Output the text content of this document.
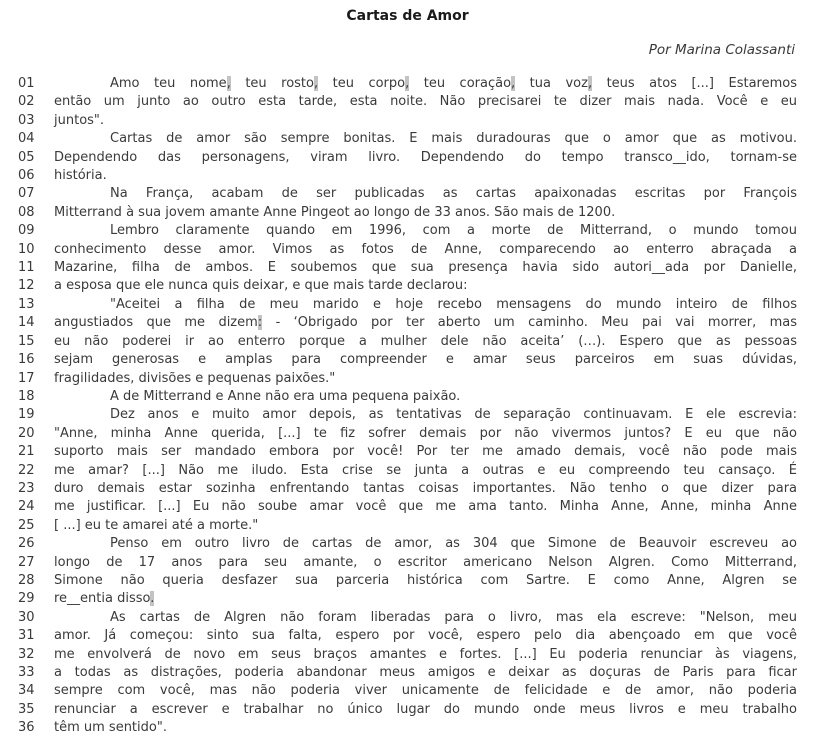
Cartas de Amor
Por Marina Colassanti
01	Amo teu nome, teu rosto, teu corpo, teu coração, tua voz, teus atos [...] Estaremos
02	então um junto ao outro esta tarde, esta noite. Não precisarei te dizer mais nada. Você e eu
03	juntos".
04	Cartas de amor são sempre bonitas. E mais duradouras que o amor que as motivou.
05	Dependendo das personagens, viram livro. Dependendo do tempo transco__ido, tornam-se
06	história.
07	Na França, acabam de ser publicadas as cartas apaixonadas escritas por François
08	Mitterrand à sua jovem amante Anne Pingeot ao longo de 33 anos. São mais de 1200.
09	Lembro claramente quando em 1996, com a morte de Mitterrand, o mundo tomou
10	conhecimento desse amor. Vimos as fotos de Anne, comparecendo ao enterro abraçada a
11	Mazarine, filha de ambos. E soubemos que sua presença havia sido autori__ada por Danielle,
12	a esposa que ele nunca quis deixar, e que mais tarde declarou:
13	"Aceitei a filha de meu marido e hoje recebo mensagens do mundo inteiro de filhos
14	angustiados que me dizem: - ‘Obrigado por ter aberto um caminho. Meu pai vai morrer, mas
15	eu não poderei ir ao enterro porque a mulher dele não aceita’ (…). Espero que as pessoas
16	sejam generosas e amplas para compreender e amar seus parceiros em suas dúvidas,
17	fragilidades, divisões e pequenas paixões."
18	A de Mitterrand e Anne não era uma pequena paixão.
19	Dez anos e muito amor depois, as tentativas de separação continuavam. E ele escrevia:
20	"Anne, minha Anne querida, [...] te fiz sofrer demais por não vivermos juntos? E eu que não
21	suporto mais ser mandado embora por você! Por ter me amado demais, você não pode mais
22	me amar? [...] Não me iludo. Esta crise se junta a outras e eu compreendo teu cansaço. É
23	duro demais estar sozinha enfrentando tantas coisas importantes. Não tenho o que dizer para
24	me justificar. [...] Eu não soube amar você que me ama tanto. Minha Anne, Anne, minha Anne
25	[ ...] eu te amarei até a morte."
26	Penso em outro livro de cartas de amor, as 304 que Simone de Beauvoir escreveu ao
27	longo de 17 anos para seu amante, o escritor americano Nelson Algren. Como Mitterrand,
28	Simone não queria desfazer sua parceria histórica com Sartre. E como Anne, Algren se
29	re__entia disso.
30	As cartas de Algren não foram liberadas para o livro, mas ela escreve: "Nelson, meu
31	amor. Já começou: sinto sua falta, espero por você, espero pelo dia abençoado em que você
32	me envolverá de novo em seus braços amantes e fortes. [...] Eu poderia renunciar às viagens,
33	a todas as distrações, poderia abandonar meus amigos e deixar as doçuras de Paris para ficar
34	sempre com você, mas não poderia viver unicamente de felicidade e de amor, não poderia
35	renunciar a escrever e trabalhar no único lugar do mundo onde meus livros e meu trabalho
36	têm um sentido".
